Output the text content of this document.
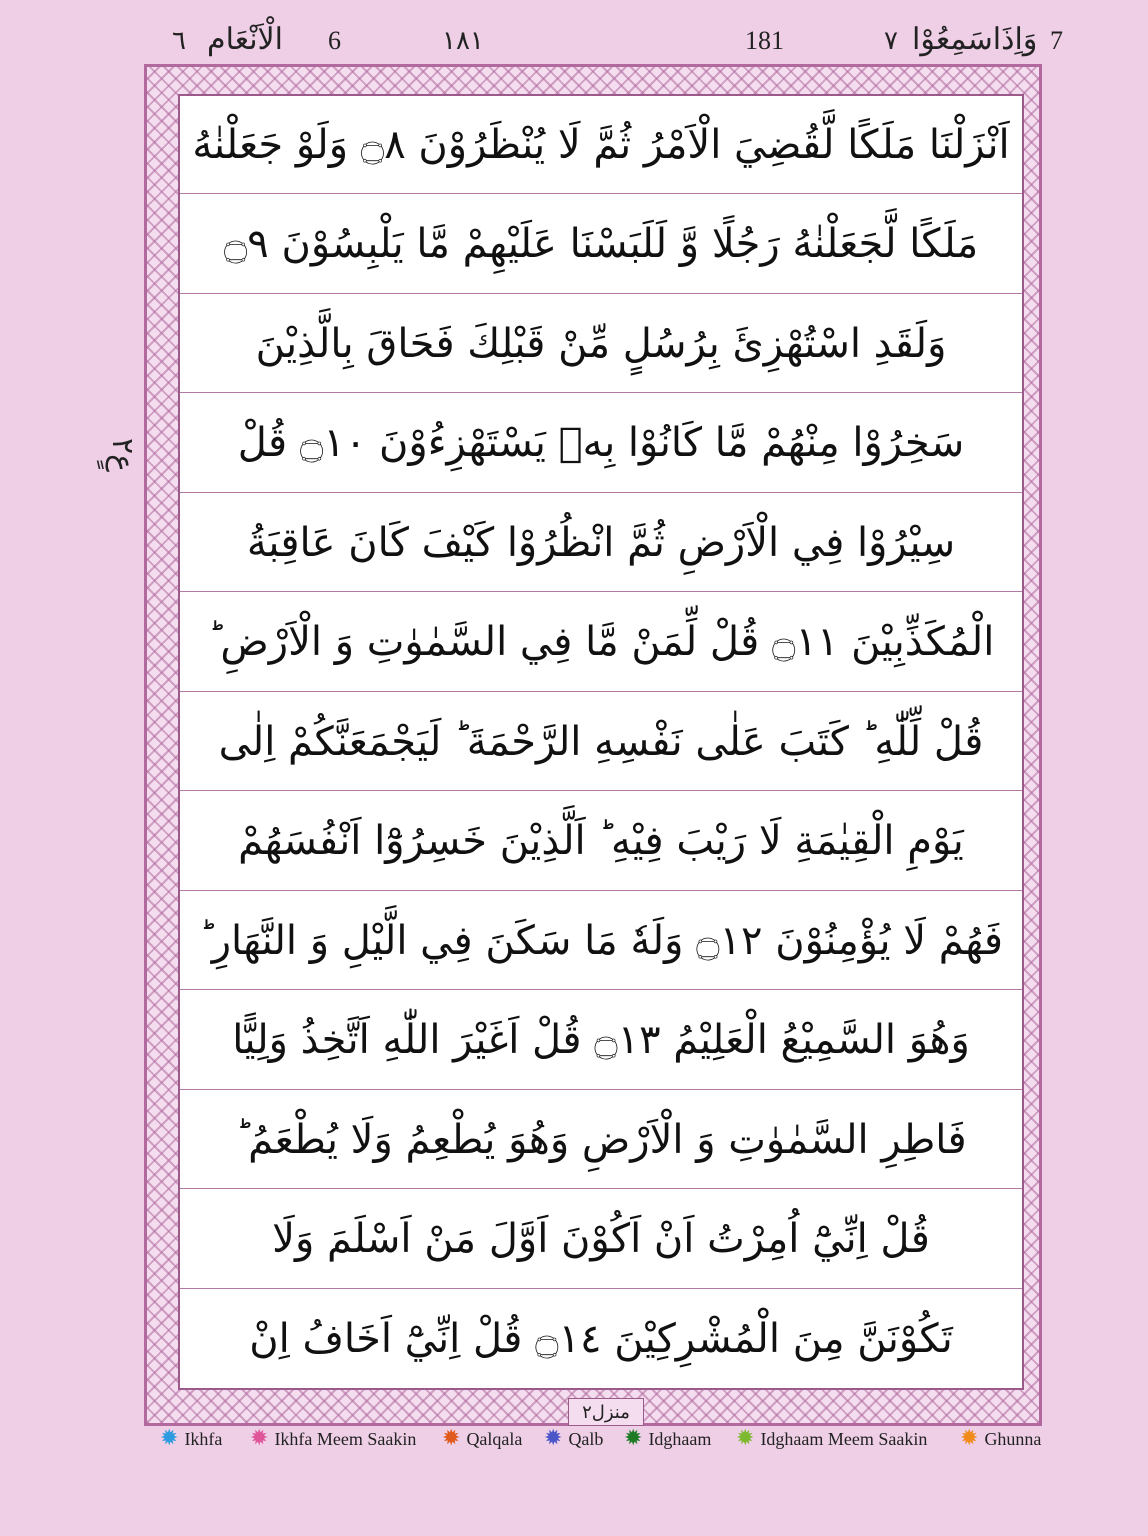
٦ الْاَنْعَام 6	١٨١	181	٧ وَاِذَاسَمِعُوْا 7
اَنْزَلْنَا مَلَكًا لَّقُضِيَ الْاَمْرُ ثُمَّ لَا يُنْظَرُوْنَ ۝٨ وَلَوْ جَعَلْنٰهُ
مَلَكًا لَّجَعَلْنٰهُ رَجُلًا وَّ لَلَبَسْنَا عَلَيْهِمْ مَّا يَلْبِسُوْنَ ۝٩
وَلَقَدِ اسْتُهْزِئَ بِرُسُلٍ مِّنْ قَبْلِكَ فَحَاقَ بِالَّذِيْنَ
سَخِرُوْا مِنْهُمْ مَّا كَانُوْا بِهٖ يَسْتَهْزِءُوْنَ ۝١٠ قُلْ
سِيْرُوْا فِي الْاَرْضِ ثُمَّ انْظُرُوْا كَيْفَ كَانَ عَاقِبَةُ
الْمُكَذِّبِيْنَ ۝١١ قُلْ لِّمَنْ مَّا فِي السَّمٰوٰتِ وَ الْاَرْضِ ؕ
قُلْ لِّلّٰهِ ؕ كَتَبَ عَلٰى نَفْسِهِ الرَّحْمَةَ ؕ لَيَجْمَعَنَّكُمْ اِلٰى
يَوْمِ الْقِيٰمَةِ لَا رَيْبَ فِيْهِ ؕ اَلَّذِيْنَ خَسِرُوْٓا اَنْفُسَهُمْ
فَهُمْ لَا يُؤْمِنُوْنَ ۝١٢ وَلَهٗ مَا سَكَنَ فِي الَّيْلِ وَ النَّهَارِ ؕ
وَهُوَ السَّمِيْعُ الْعَلِيْمُ ۝١٣ قُلْ اَغَيْرَ اللّٰهِ اَتَّخِذُ وَلِيًّا
فَاطِرِ السَّمٰوٰتِ وَ الْاَرْضِ وَهُوَ يُطْعِمُ وَلَا يُطْعَمُ ؕ
قُلْ اِنِّيْٓ اُمِرْتُ اَنْ اَكُوْنَ اَوَّلَ مَنْ اَسْلَمَ وَلَا
تَكُوْنَنَّ مِنَ الْمُشْرِكِيْنَ ۝١٤ قُلْ اِنِّيْٓ اَخَافُ اِنْ
عٍ٢
منزل٢
✹ Ikhfa ✹ Ikhfa Meem Saakin ✹ Qalqala ✹ Qalb ✹ Idghaam ✹ Idghaam Meem Saakin ✹ Ghunna
